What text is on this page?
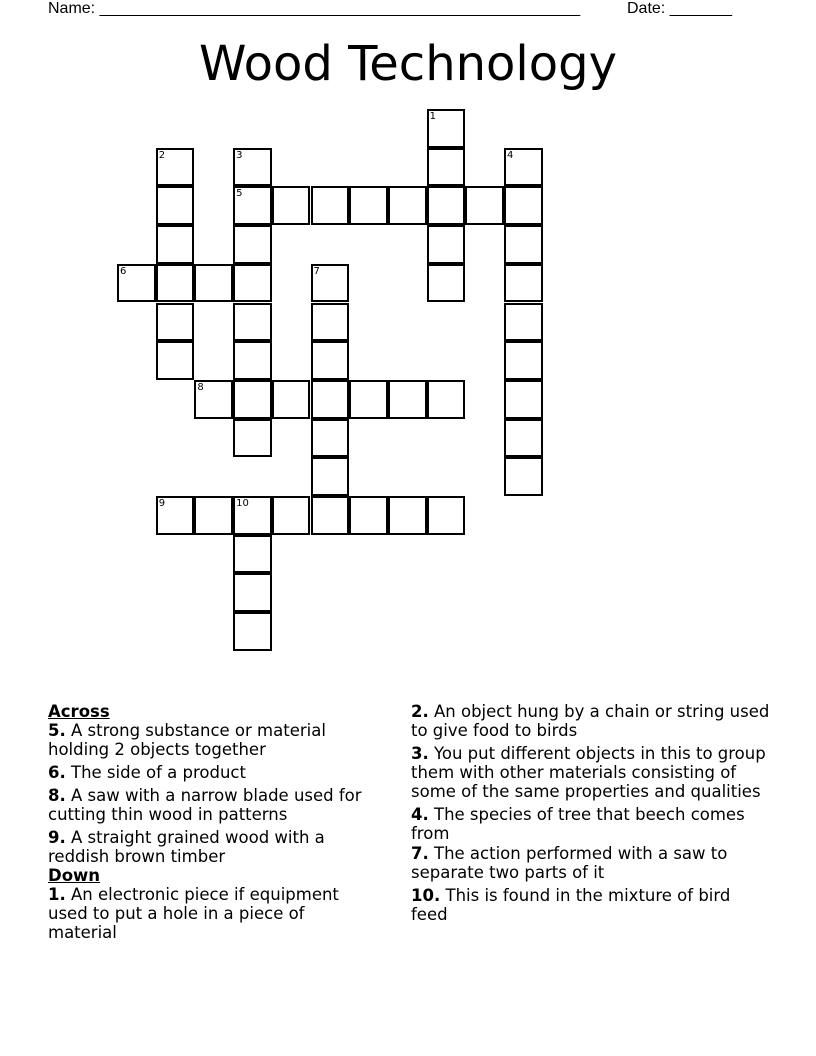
Name: ______________________________________________________	Date: _______
Wood Technology
1
2	3	4
5
6	7
8
9	10

Across

5. A strong substance or material holding 2 objects together

6. The side of a product

8. A saw with a narrow blade used for cutting thin wood in patterns

9. A straight grained wood with a reddish brown timber

Down

1. An electronic piece if equipment used to put a hole in a piece of material

2. An object hung by a chain or string used to give food to birds

3. You put different objects in this to group them with other materials consisting of some of the same properties and qualities

4. The species of tree that beech comes from

7. The action performed with a saw to separate two parts of it

10. This is found in the mixture of bird feed
